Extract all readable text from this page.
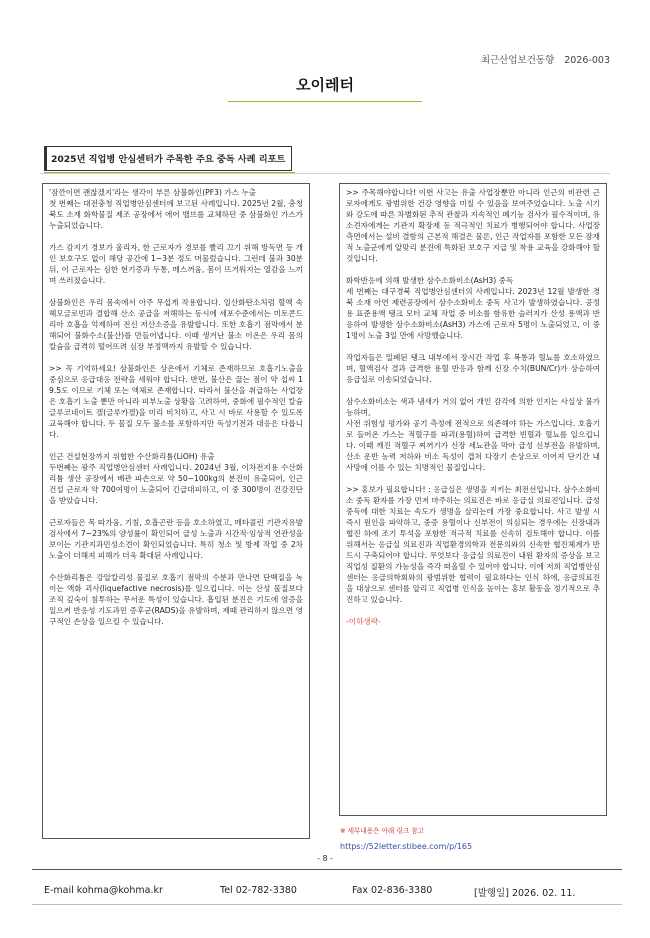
최근산업보건동향 2026-003
오이레터
2025년 직업병 안심센터가 주목한 주요 중독 사례 리포트

'잠깐이면 괜찮겠지'라는 생각이 부른 삼불화인(PF3) 가스 누출
첫 번째는 대전충청 직업병안심센터에 보고된 사례입니다. 2025년 2월, 충청북도 소재 화학물질 제조 공장에서 에어 밸브를 교체하던 중 삼불화인 가스가 누출되었습니다.

가스 감지기 경보가 울리자, 한 근로자가 경보를 빨리 끄기 위해 방독면 등 개인 보호구도 없이 해당 공간에 1~3분 정도 머물렀습니다. 그런데 불과 30분 뒤, 이 근로자는 심한 현기증과 두통, 메스꺼움, 몸이 뜨거워지는 열감을 느끼며 쓰러졌습니다.

삼불화인은 우리 몸속에서 아주 무섭게 작용합니다. 일산화탄소처럼 혈액 속 헤모글로빈과 결합해 산소 공급을 저해하는 동시에 세포수준에서는 미토콘드리아 호흡을 억제하여 전신 저산소증을 유발합니다. 또한 호흡기 점막에서 분해되어 불화수소(불산)를 만들어냅니다. 이때 생겨난 불소 이온은 우리 몸의 칼슘을 급격히 떨어뜨려 심장 부정맥까지 유발할 수 있습니다.

>> 꼭 기억하세요! 삼불화인은 상온에서 기체로 존재하므로 호흡기노출을 중심으로 응급대응 전략을 세워야 합니다. 반면, 불산은 끓는 점이 약 섭씨 19.5도 이므로 기체 또는 액체로 존재합니다. 따라서 불산을 취급하는 사업장은 호흡기 노출 뿐만 아니라 피부노출 상황을 고려하여, 중화에 필수적인 칼슘 글루코네이트 겔(글루카겔)을 미리 비치하고, 사고 시 바로 사용할 수 있도록 교육해야 합니다. 두 물질 모두 불소를 포함하지만 독성기전과 대응은 다릅니다.

인근 건설현장까지 위협한 수산화리튬(LiOH) 유출
두번째는 광주 직업병안심센터 사례입니다. 2024년 3월, 이차전지용 수산화리튬 생산 공장에서 배관 파손으로 약 50~100kg의 분진이 유출되어, 인근 건설 근로자 약 700여명이 노출되어 긴급대피하고, 이 중 300명이 건강진단을 받았습니다.

근로자들은 목 따가움, 기침, 호흡곤란 등을 호소하였고, 메타콜린 기관지유발검사에서 7~23%의 양성률이 확인되어 급성 노출과 시간적·임상적 연관성을 보이는 기관지과민성소견이 확인되었습니다. 특히 청소 및 방제 작업 중 2차 노출이 더해져 피해가 더욱 확대된 사례입니다.

수산화리튬은 강알칼리성 물질로 호흡기 점막의 수분과 만나면 단백질을 녹이는 액화 괴사(liquefactive necrosis)를 일으킵니다. 이는 산성 물질보다 조직 깊숙이 침투하는 무서운 특성이 있습니다. 흡입된 분진은 기도에 염증을 일으켜 반응성 기도과민 증후군(RADS)을 유발하며, 제때 관리하지 않으면 영구적인 손상을 일으킬 수 있습니다.

>> 주목해야합니다! 이번 사고는 유출 사업장뿐만 아니라 인근의 비관련 근로자에게도 광범위한 건강 영향을 미칠 수 있음을 보여주었습니다. 노출 시기와 강도에 따른 차별화된 추적 관찰과 지속적인 폐기능 검사가 필수적이며, 유소견자에게는 기관지 확장제 등 적극적인 치료가 병행되어야 합니다. 사업장 측면에서는 설비 결함의 근본적 해결은 물론, 인근 작업자를 포함한 모든 잠재적 노출군에게 알맞리 분진에 특화된 보호구 지급 및 착용 교육을 강화해야 할 것입니다.

화학반응에 의해 발생한 삼수소화비소(AsH3) 중독
세 번째는 대구경북 직업병안심센터의 사례입니다. 2023년 12월 발생한 경북 소재 아연 제련공장에서 삼수소화비소 중독 사고가 발생하였습니다. 공정용 표준용액 탱크 모터 교체 작업 중 비소를 함유한 슬러지가 산성 용액과 반응하여 발생한 삼수소화비소(AsH3) 가스에 근로자 5명이 노출되었고, 이 중 1명이 노출 3일 만에 사망했습니다.

작업자들은 밀폐된 탱크 내부에서 장시간 작업 후 복통과 혈뇨를 호소하였으며, 혈액검사 결과 급격한 용혈 반응과 함께 신장 수치(BUN/Cr)가 상승하여 응급실로 이송되었습니다.

삼수소화비소는 색과 냄새가 거의 없어 개인 감각에 의한 인지는 사실상 불가능하며,
사전 위험성 평가와 공기 측정에 전적으로 의존해야 하는 가스입니다. 호흡기로 들어온 가스는 적혈구를 파괴(용혈)하여 급격한 빈혈과 혈뇨를 일으킵니다. 이때 깨진 적혈구 찌꺼기가 신장 세뇨관을 막아 급성 신부전을 유발하며, 산소 운반 능력 저하와 비소 독성이 겹쳐 다장기 손상으로 이어져 단기간 내 사망에 이를 수 있는 치명적인 물질입니다.

>> 홍보가 필요합니다! : 응급실은 생명을 지키는 최전선입니다. 삼수소화비소 중독 환자를 가장 먼저 마주하는 의료진은 바로 응급실 의료진입니다. 급성 중독에 대한 치료는 속도가 생명을 살리는데 가장 중요합니다. 사고 발생 시 즉시 원인을 파악하고, 중증 용혈이나 신부전이 의심되는 경우에는 신장내과 협진 하에 조기 투석을 포함한 적극적 치료를 신속히 검토해야 합니다. 이를 위해서는 응급실 의료진과 직업환경의학과 전문의와의 신속한 협진체계가 반드시 구축되어야 합니다. 무엇보다 응급실 의료진이 내원 환자의 증상을 보고 직업성 질환의 가능성을 즉각 떠올릴 수 있어야 합니다. 이에 저희 직업병안심센터는 응급의학회와의 광범위한 협력이 필요하다는 인식 하에, 응급의료진을 대상으로 센터를 알리고 직업병 인식을 높이는 홍보 활동을 정기적으로 추진하고 있습니다.

-이하생략-

※ 세부내용은 아래 링크 참고
https://52letter.stibee.com/p/165
- 8 -
E-mail kohma@kohma.kr	Tel 02-782-3380	Fax 02-836-3380	[발행일] 2026. 02. 11.
